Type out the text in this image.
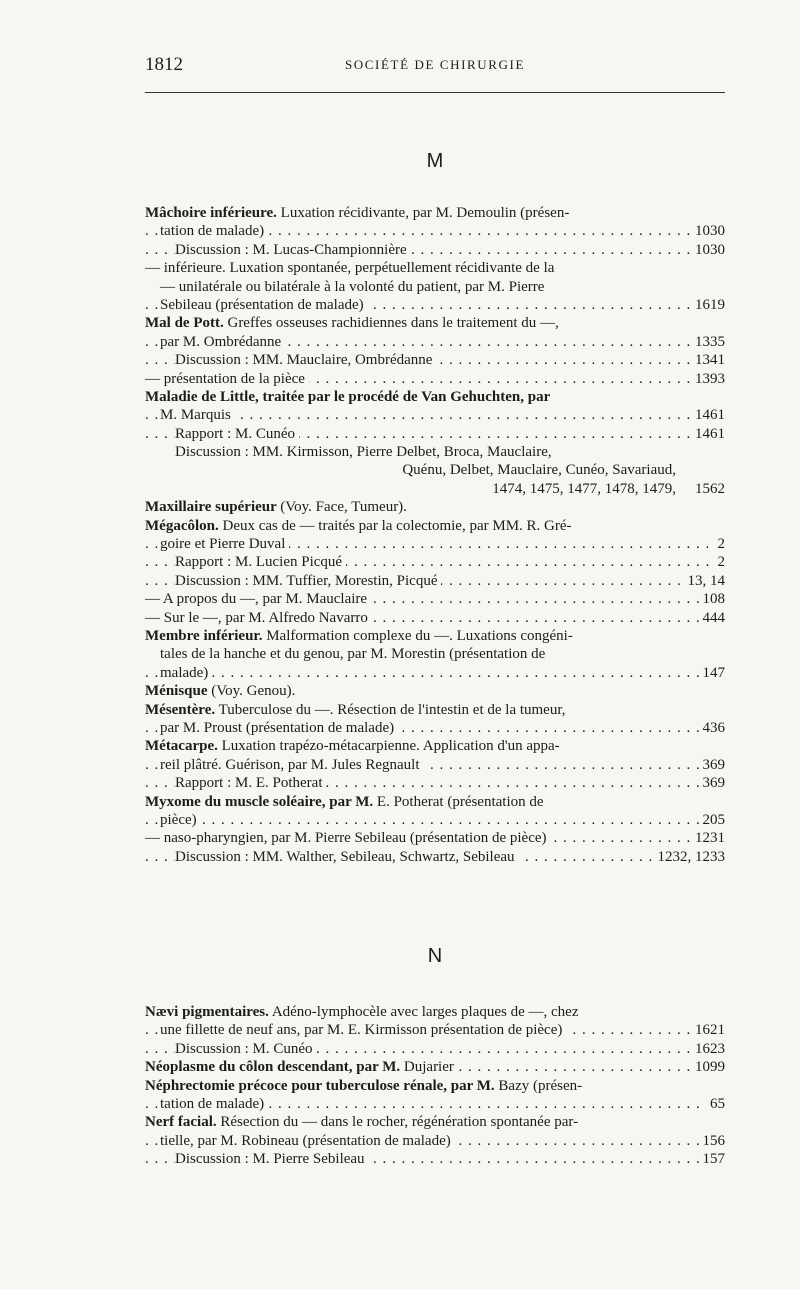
1812	SOCIÉTÉ DE CHIRURGIE
M
Mâchoire inférieure. Luxation récidivante, par M. Demoulin (présen-
tation de malade)	1030
. . .
Discussion : M. Lucas-Championnière	1030
. . .
— inférieure. Luxation spontanée, perpétuellement récidivante de la
— unilatérale ou bilatérale à la volonté du patient, par M. Pierre
Sebileau (présentation de malade)	1619
. . .
Mal de Pott. Greffes osseuses rachidiennes dans le traitement du —,
par M. Ombrédanne	1335
. . .
Discussion : MM. Mauclaire, Ombrédanne	1341
. . .
— présentation de la pièce	1393
. . .
Maladie de Little, traitée par le procédé de Van Gehuchten, par
M. Marquis	1461
. . .
Rapport : M. Cunéo	1461
. . .
Discussion : MM. Kirmisson, Pierre Delbet, Broca, Mauclaire,
Quénu, Delbet, Mauclaire, Cunéo, Savariaud,
1474, 1475, 1477, 1478, 1479, 1562
Maxillaire supérieur (Voy. Face, Tumeur).
Mégacôlon. Deux cas de — traités par la colectomie, par MM. R. Gré-
goire et Pierre Duval	2
. . .
Rapport : M. Lucien Picqué	2
. . .
Discussion : MM. Tuffier, Morestin, Picqué	13, 14
. . .
— A propos du —, par M. Mauclaire	108
. . .
— Sur le —, par M. Alfredo Navarro	444
. . .
Membre inférieur. Malformation complexe du —. Luxations congéni-
tales de la hanche et du genou, par M. Morestin (présentation de
malade)	147
. . .
Ménisque (Voy. Genou).
Mésentère. Tuberculose du —. Résection de l'intestin et de la tumeur,
par M. Proust (présentation de malade)	436
. . .
Métacarpe. Luxation trapézo-métacarpienne. Application d'un appa-
reil plâtré. Guérison, par M. Jules Regnault	369
. . .
Rapport : M. E. Potherat	369
. . .
Myxome du muscle soléaire, par M. E. Potherat (présentation de
pièce)	205
. . .
— naso-pharyngien, par M. Pierre Sebileau (présentation de pièce)	1231
. . .
Discussion : MM. Walther, Sebileau, Schwartz, Sebileau	1232, 1233
. . .
N
Nævi pigmentaires. Adéno-lymphocèle avec larges plaques de —, chez
une fillette de neuf ans, par M. E. Kirmisson présentation de pièce)	1621
. . .
Discussion : M. Cunéo	1623
. . .
Néoplasme du côlon descendant, par M. Dujarier	1099
. . .
Néphrectomie précoce pour tuberculose rénale, par M. Bazy (présen-
tation de malade)	65
. . .
Nerf facial. Résection du — dans le rocher, régénération spontanée par-
tielle, par M. Robineau (présentation de malade)	156
. . .
Discussion : M. Pierre Sebileau	157
. . .
